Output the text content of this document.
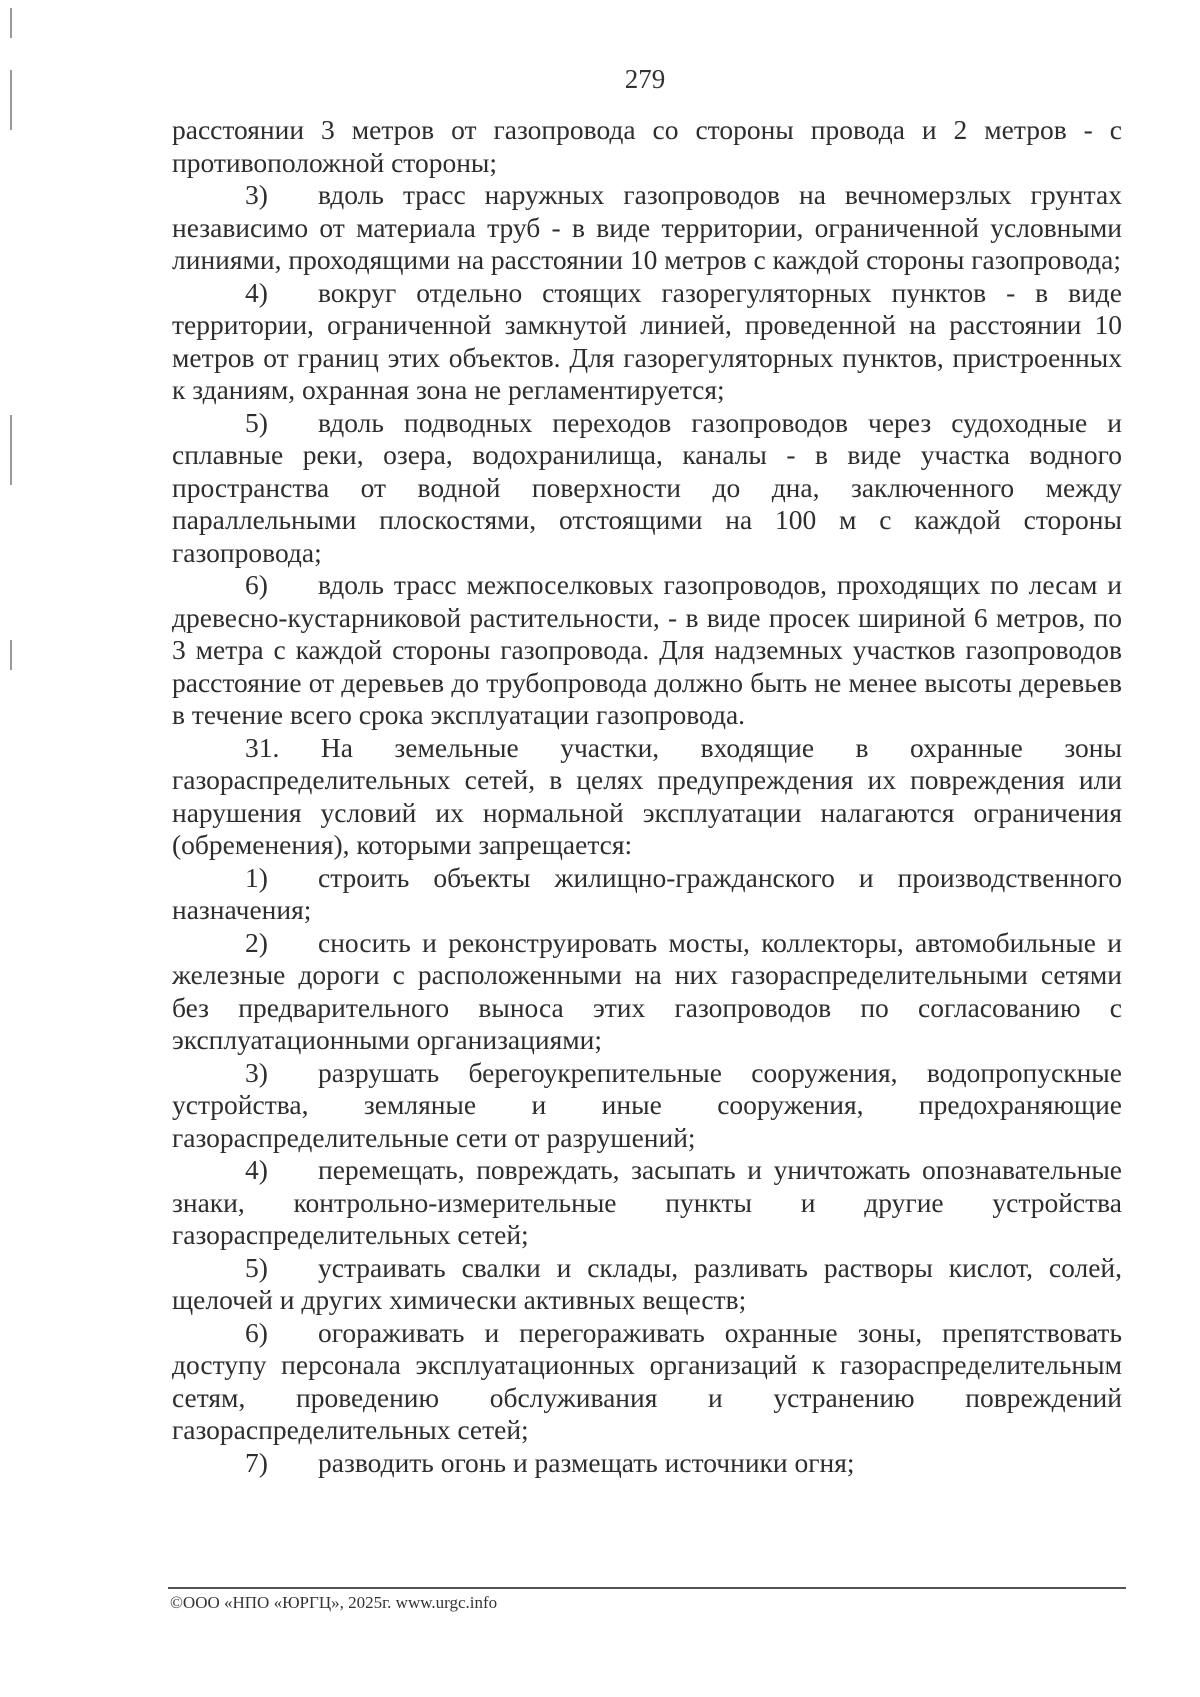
279

расстоянии 3 метров от газопровода со стороны провода и 2 метров - с противоположной стороны;

3) вдоль трасс наружных газопроводов на вечномерзлых грунтах независимо от материала труб - в виде территории, ограниченной условными линиями, проходящими на расстоянии 10 метров с каждой стороны газопровода;

4) вокруг отдельно стоящих газорегуляторных пунктов - в виде территории, ограниченной замкнутой линией, проведенной на расстоянии 10 метров от границ этих объектов. Для газорегуляторных пунктов, пристроенных к зданиям, охранная зона не регламентируется;

5) вдоль подводных переходов газопроводов через судоходные и сплавные реки, озера, водохранилища, каналы - в виде участка водного пространства от водной поверхности до дна, заключенного между параллельными плоскостями, отстоящими на 100 м с каждой стороны газопровода;

6) вдоль трасс межпоселковых газопроводов, проходящих по лесам и древесно-кустарниковой растительности, - в виде просек шириной 6 метров, по 3 метра с каждой стороны газопровода. Для надземных участков газопроводов расстояние от деревьев до трубопровода должно быть не менее высоты деревьев в течение всего срока эксплуатации газопровода.

31. На земельные участки, входящие в охранные зоны газораспределительных сетей, в целях предупреждения их повреждения или нарушения условий их нормальной эксплуатации налагаются ограничения (обременения), которыми запрещается:

1) строить объекты жилищно-гражданского и производственного назначения;

2) сносить и реконструировать мосты, коллекторы, автомобильные и железные дороги с расположенными на них газораспределительными сетями без предварительного выноса этих газопроводов по согласованию с эксплуатационными организациями;

3) разрушать берегоукрепительные сооружения, водопропускные устройства, земляные и иные сооружения, предохраняющие газораспределительные сети от разрушений;

4) перемещать, повреждать, засыпать и уничтожать опознавательные знаки, контрольно-измерительные пункты и другие устройства газораспределительных сетей;

5) устраивать свалки и склады, разливать растворы кислот, солей, щелочей и других химически активных веществ;

6) огораживать и перегораживать охранные зоны, препятствовать доступу персонала эксплуатационных организаций к газораспределительным сетям, проведению обслуживания и устранению повреждений газораспределительных сетей;

7) разводить огонь и размещать источники огня;

©ООО «НПО «ЮРГЦ», 2025г. www.urgc.info
